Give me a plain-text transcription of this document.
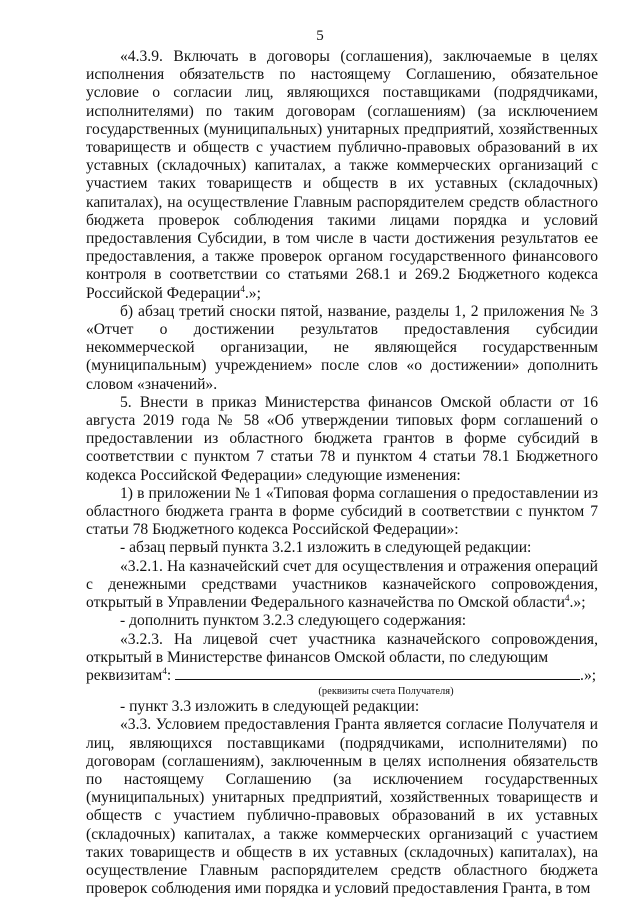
5

«4.3.9. Включать в договоры (соглашения), заключаемые в целях исполнения обязательств по настоящему Соглашению, обязательное условие о согласии лиц, являющихся поставщиками (подрядчиками, исполнителями) по таким договорам (соглашениям) (за исключением государственных (муниципальных) унитарных предприятий, хозяйственных товариществ и обществ с участием публично-правовых образований в их уставных (складочных) капиталах, а также коммерческих организаций с участием таких товариществ и обществ в их уставных (складочных) капиталах), на осуществление Главным распорядителем средств областного бюджета проверок соблюдения такими лицами порядка и условий предоставления Субсидии, в том числе в части достижения результатов ее предоставления, а также проверок органом государственного финансового контроля в соответствии со статьями 268.1 и 269.2 Бюджетного кодекса Российской Федерации$^4$.»;

б) абзац третий сноски пятой, название, разделы 1, 2 приложения № 3 «Отчет о достижении результатов предоставления субсидии некоммерческой организации, не являющейся государственным (муниципальным) учреждением» после слов «о достижении» дополнить словом «значений».

5. Внести в приказ Министерства финансов Омской области от 16 августа 2019 года № 58 «Об утверждении типовых форм соглашений о предоставлении из областного бюджета грантов в форме субсидий в соответствии с пунктом 7 статьи 78 и пунктом 4 статьи 78.1 Бюджетного кодекса Российской Федерации» следующие изменения:

1) в приложении № 1 «Типовая форма соглашения о предоставлении из областного бюджета гранта в форме субсидий в соответствии с пунктом 7 статьи 78 Бюджетного кодекса Российской Федерации»:

- абзац первый пункта 3.2.1 изложить в следующей редакции:

«3.2.1. На казначейский счет для осуществления и отражения операций с денежными средствами участников казначейского сопровождения, открытый в Управлении Федерального казначейства по Омской области$^4$.»;

- дополнить пунктом 3.2.3 следующего содержания:

«3.2.3. На лицевой счет участника казначейского сопровождения, открытый в Министерстве финансов Омской области, по следующим

реквизитам$^4$:	.»;

(реквизиты счета Получателя)

- пункт 3.3 изложить в следующей редакции:

«3.3. Условием предоставления Гранта является согласие Получателя и лиц, являющихся поставщиками (подрядчиками, исполнителями) по договорам (соглашениям), заключенным в целях исполнения обязательств по настоящему Соглашению (за исключением государственных (муниципальных) унитарных предприятий, хозяйственных товариществ и обществ с участием публично-правовых образований в их уставных (складочных) капиталах, а также коммерческих организаций с участием таких товариществ и обществ в их уставных (складочных) капиталах), на осуществление Главным распорядителем средств областного бюджета проверок соблюдения ими порядка и условий предоставления Гранта, в том
